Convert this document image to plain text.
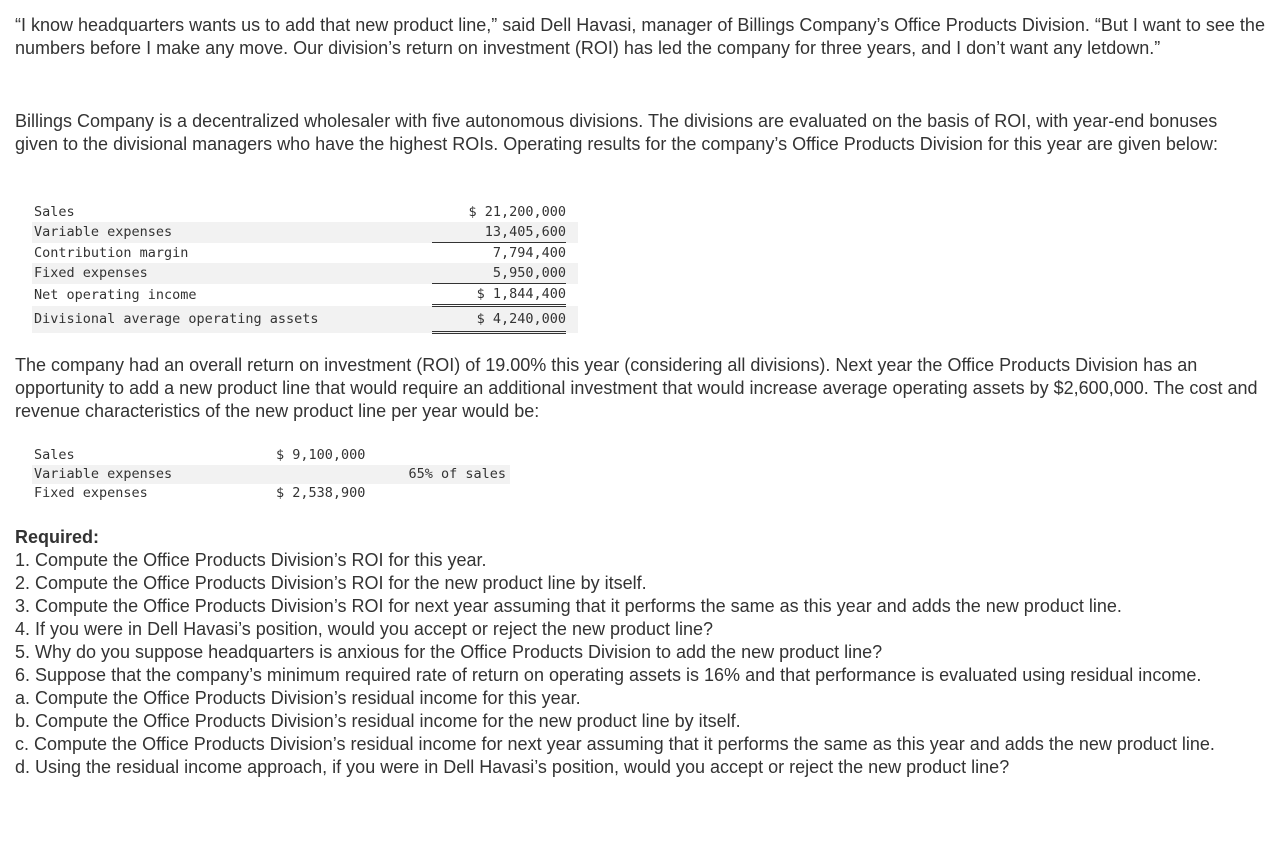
“I know headquarters wants us to add that new product line,” said Dell Havasi, manager of Billings Company’s Office Products Division. “But I want to see the numbers before I make any move. Our division’s return on investment (ROI) has led the company for three years, and I don’t want any letdown.”

Billings Company is a decentralized wholesaler with five autonomous divisions. The divisions are evaluated on the basis of ROI, with year-end bonuses given to the divisional managers who have the highest ROIs. Operating results for the company’s Office Products Division for this year are given below:

Sales	$ 21,200,000	
Variable expenses	13,405,600	
Contribution margin	7,794,400	
Fixed expenses	5,950,000	
Net operating income	$ 1,844,400	
Divisional average operating assets	$ 4,240,000	

The company had an overall return on investment (ROI) of 19.00% this year (considering all divisions). Next year the Office Products Division has an opportunity to add a new product line that would require an additional investment that would increase average operating assets by $2,600,000. The cost and revenue characteristics of the new product line per year would be:

Sales	$ 9,100,000	
Variable expenses		65% of sales
Fixed expenses	$ 2,538,900	

Required:

1. Compute the Office Products Division’s ROI for this year.

2. Compute the Office Products Division’s ROI for the new product line by itself.

3. Compute the Office Products Division’s ROI for next year assuming that it performs the same as this year and adds the new product line.

4. If you were in Dell Havasi’s position, would you accept or reject the new product line?

5. Why do you suppose headquarters is anxious for the Office Products Division to add the new product line?

6. Suppose that the company’s minimum required rate of return on operating assets is 16% and that performance is evaluated using residual income.

a. Compute the Office Products Division’s residual income for this year.

b. Compute the Office Products Division’s residual income for the new product line by itself.

c. Compute the Office Products Division’s residual income for next year assuming that it performs the same as this year and adds the new product line.

d. Using the residual income approach, if you were in Dell Havasi’s position, would you accept or reject the new product line?
